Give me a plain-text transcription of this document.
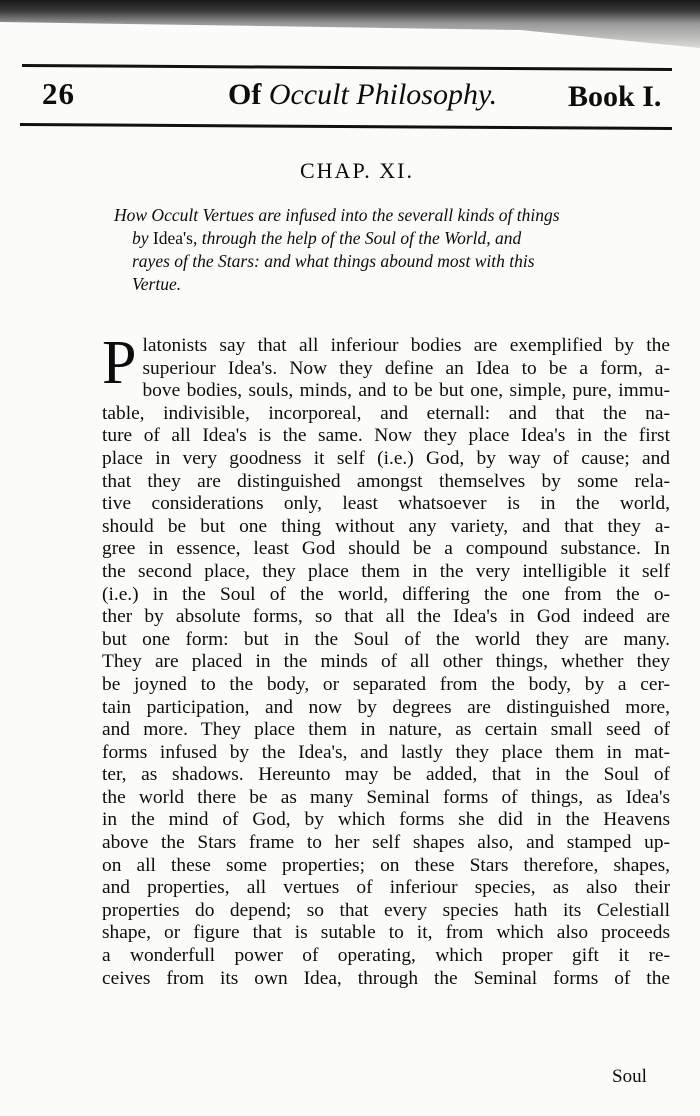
26	Of Occult Philosophy. Book I.
CHAP. XI.
How Occult Vertues are infused into the severall kinds of things
by Idea's, through the help of the Soul of the World, and
rayes of the Stars: and what things abound most with this
Vertue.
P latonists say that all inferiour bodies are exemplified by the
superiour Idea's. Now they define an Idea to be a form, a-
bove bodies, souls, minds, and to be but one, simple, pure, immu-
table, indivisible, incorporeal, and eternall: and that the na-
ture of all Idea's is the same. Now they place Idea's in the first
place in very goodness it self (i.e.) God, by way of cause; and
that they are distinguished amongst themselves by some rela-
tive considerations only, least whatsoever is in the world,
should be but one thing without any variety, and that they a-
gree in essence, least God should be a compound substance. In
the second place, they place them in the very intelligible it self
(i.e.) in the Soul of the world, differing the one from the o-
ther by absolute forms, so that all the Idea's in God indeed are
but one form: but in the Soul of the world they are many.
They are placed in the minds of all other things, whether they
be joyned to the body, or separated from the body, by a cer-
tain participation, and now by degrees are distinguished more,
and more. They place them in nature, as certain small seed of
forms infused by the Idea's, and lastly they place them in mat-
ter, as shadows. Hereunto may be added, that in the Soul of
the world there be as many Seminal forms of things, as Idea's
in the mind of God, by which forms she did in the Heavens
above the Stars frame to her self shapes also, and stamped up-
on all these some properties; on these Stars therefore, shapes,
and properties, all vertues of inferiour species, as also their
properties do depend; so that every species hath its Celestiall
shape, or figure that is sutable to it, from which also proceeds
a wonderfull power of operating, which proper gift it re-
ceives from its own Idea, through the Seminal forms of the
Soul
